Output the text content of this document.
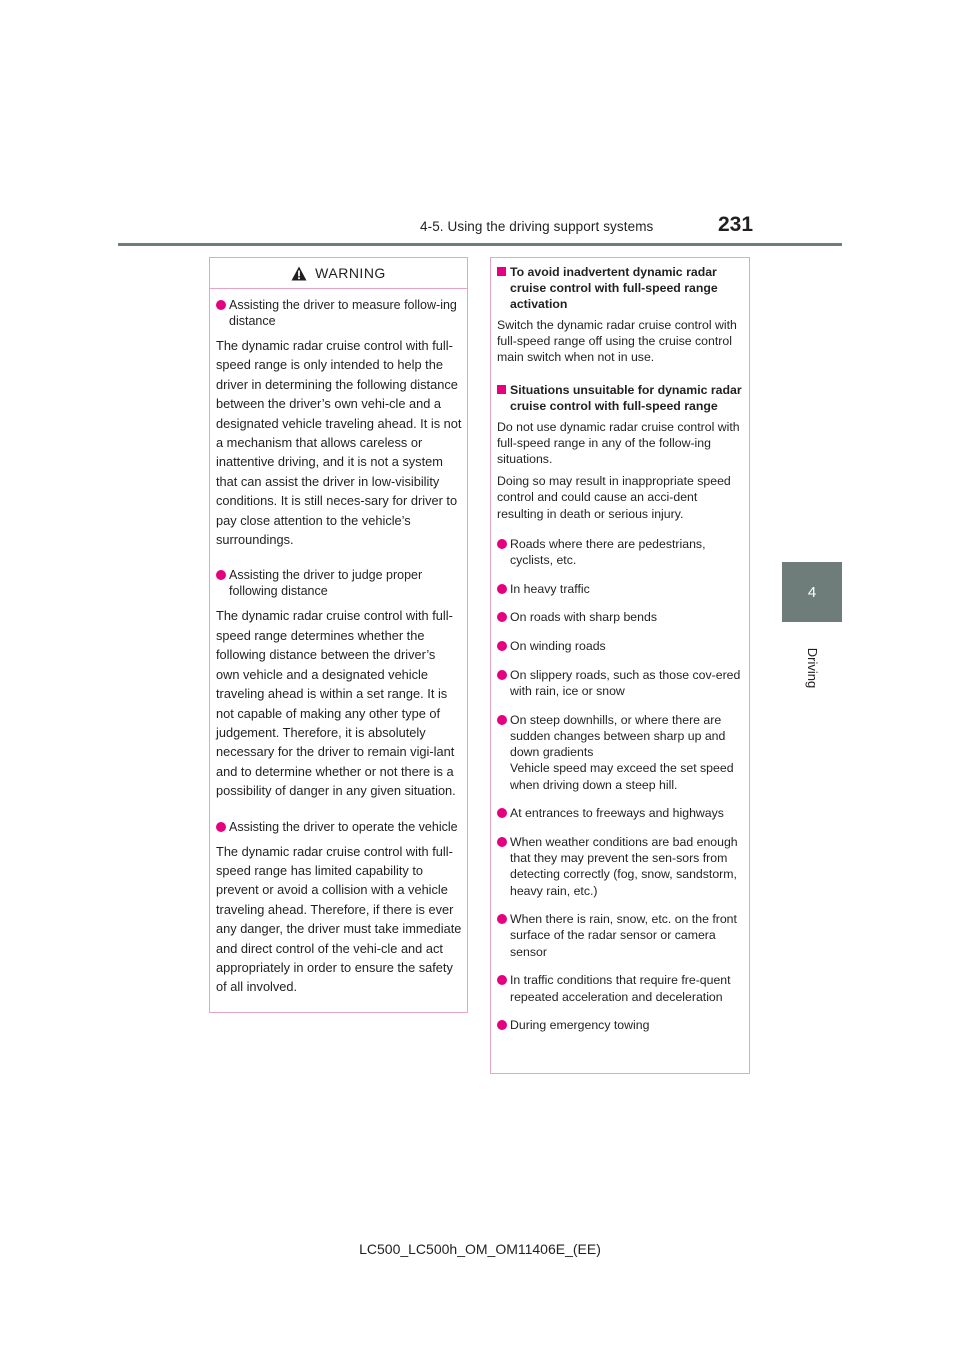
4-5. Using the driving support systems	231
4
Driving
WARNING
Assisting the driver to measure follow-ing distance

The dynamic radar cruise control with full-speed range is only intended to help the driver in determining the following distance between the driver’s own vehi-cle and a designated vehicle traveling ahead. It is not a mechanism that allows careless or inattentive driving, and it is not a system that can assist the driver in low-visibility conditions. It is still neces-sary for driver to pay close attention to the vehicle’s surroundings.

Assisting the driver to judge proper following distance

The dynamic radar cruise control with full-speed range determines whether the following distance between the driver’s own vehicle and a designated vehicle traveling ahead is within a set range. It is not capable of making any other type of judgement. Therefore, it is absolutely necessary for the driver to remain vigi-lant and to determine whether or not there is a possibility of danger in any given situation.

Assisting the driver to operate the vehicle

The dynamic radar cruise control with full-speed range has limited capability to prevent or avoid a collision with a vehicle traveling ahead. Therefore, if there is ever any danger, the driver must take immediate and direct control of the vehi-cle and act appropriately in order to ensure the safety of all involved.

To avoid inadvertent dynamic radar cruise control with full-speed range activation

Switch the dynamic radar cruise control with full-speed range off using the cruise control main switch when not in use.

Situations unsuitable for dynamic radar cruise control with full-speed range

Do not use dynamic radar cruise control with full-speed range in any of the follow-ing situations.

Doing so may result in inappropriate speed control and could cause an acci-dent resulting in death or serious injury.

Roads where there are pedestrians, cyclists, etc.
In heavy traffic
On roads with sharp bends
On winding roads
On slippery roads, such as those cov-ered with rain, ice or snow
On steep downhills, or where there are sudden changes between sharp up and down gradients
Vehicle speed may exceed the set speed when driving down a steep hill.
At entrances to freeways and highways
When weather conditions are bad enough that they may prevent the sen-sors from detecting correctly (fog, snow, sandstorm, heavy rain, etc.)
When there is rain, snow, etc. on the front surface of the radar sensor or camera sensor
In traffic conditions that require fre-quent repeated acceleration and deceleration
During emergency towing
LC500_LC500h_OM_OM11406E_(EE)
